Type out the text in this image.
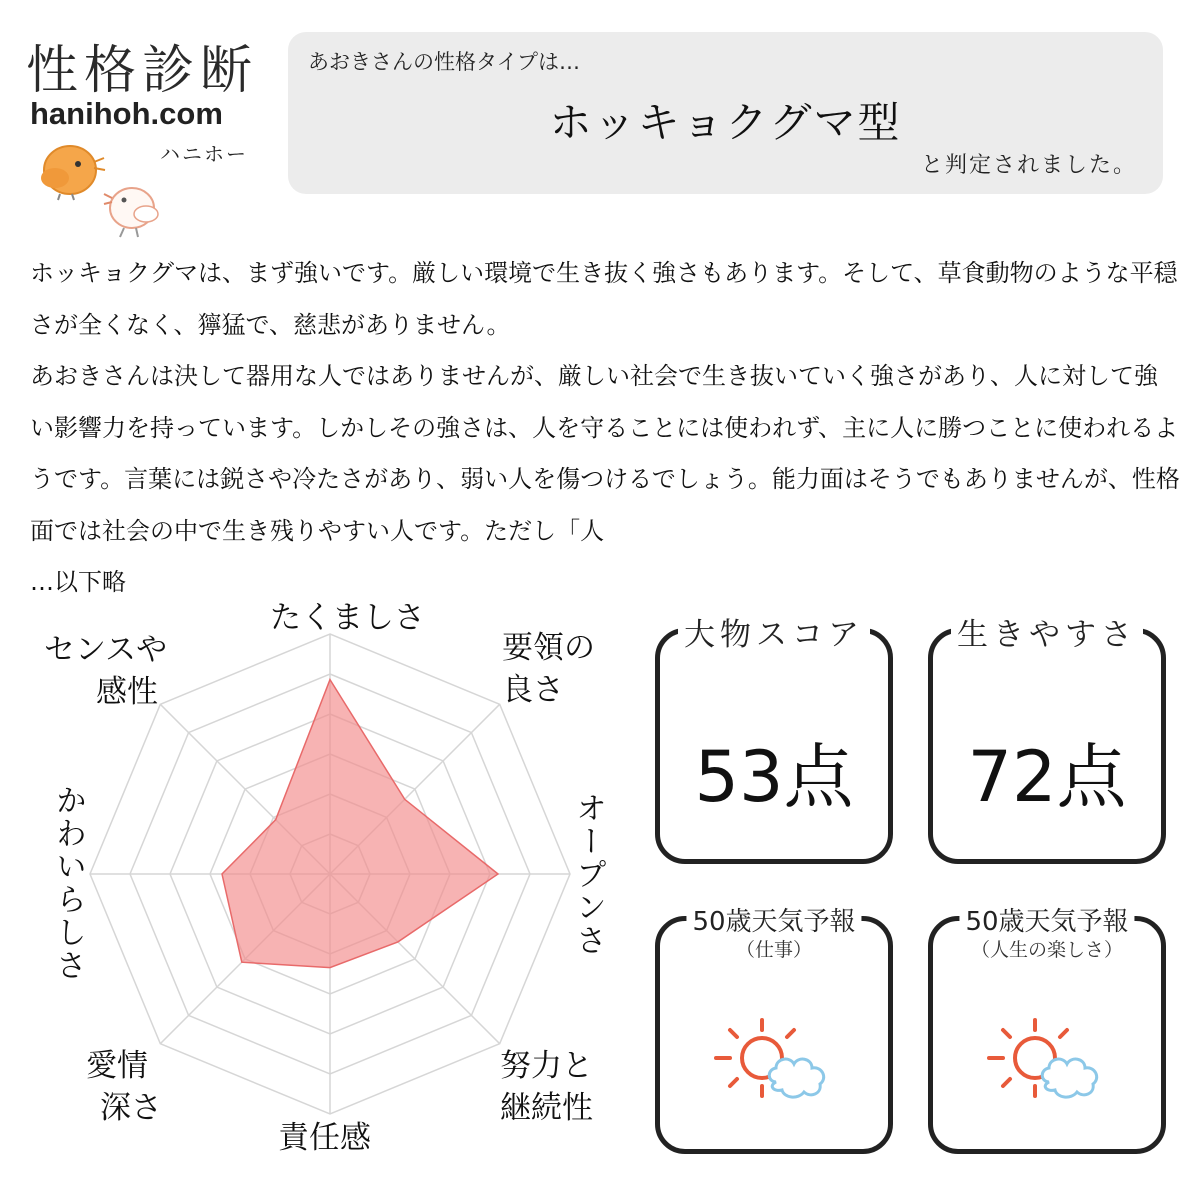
性格診断
hanihoh.com
ハニホー
あおきさんの性格タイプは…
ホッキョクグマ型
と判定されました。

ホッキョクグマは、まず強いです。厳しい環境で生き抜く強さもあります。そして、草食動物のような平穏さが全くなく、獰猛で、慈悲がありません。

あおきさんは決して器用な人ではありませんが、厳しい社会で生き抜いていく強さがあり、人に対して強い影響力を持っています。しかしその強さは、人を守ることには使われず、主に人に勝つことに使われるようです。言葉には鋭さや冷たさがあり、弱い人を傷つけるでしょう。能力面はそうでもありませんが、性格面では社会の中で生き残りやすい人です。ただし「人

…以下略

たくましさ
要領の
良さ
オープンさ
努力と
継続性
責任感
愛情
深さ
かわいらしさ
センスや
感性
大物スコア
53点
生きやすさ
72点
50歳天気予報
（仕事）
50歳天気予報
（人生の楽しさ）
